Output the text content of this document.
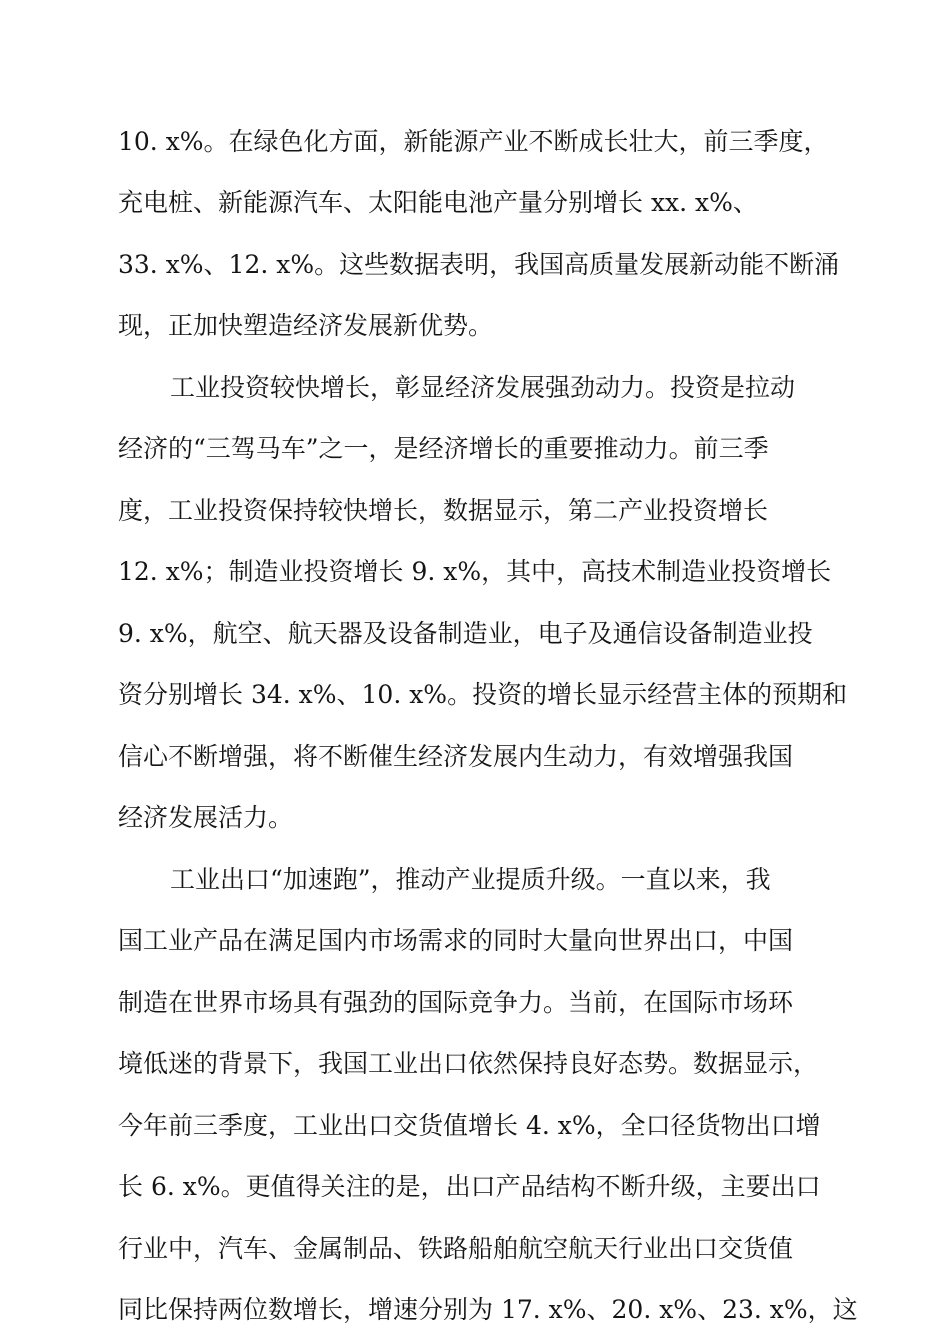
10. x%。在绿色化方面，新能源产业不断成长壮大，前三季度，
充电桩、新能源汽车、太阳能电池产量分别增长 xx. x%、
33. x%、12. x%。这些数据表明，我国高质量发展新动能不断涌
现，正加快塑造经济发展新优势。
工业投资较快增长，彰显经济发展强劲动力。投资是拉动
经济的“三驾马车”之一，是经济增长的重要推动力。前三季
度，工业投资保持较快增长，数据显示，第二产业投资增长
12. x%；制造业投资增长 9. x%，其中，高技术制造业投资增长
9. x%，航空、航天器及设备制造业，电子及通信设备制造业投
资分别增长 34. x%、10. x%。投资的增长显示经营主体的预期和
信心不断增强，将不断催生经济发展内生动力，有效增强我国
经济发展活力。
工业出口“加速跑”，推动产业提质升级。一直以来，我
国工业产品在满足国内市场需求的同时大量向世界出口，中国
制造在世界市场具有强劲的国际竞争力。当前，在国际市场环
境低迷的背景下，我国工业出口依然保持良好态势。数据显示，
今年前三季度，工业出口交货值增长 4. x%，全口径货物出口增
长 6. x%。更值得关注的是，出口产品结构不断升级，主要出口
行业中，汽车、金属制品、铁路船舶航空航天行业出口交货值
同比保持两位数增长，增速分别为 17. x%、20. x%、23. x%，这
